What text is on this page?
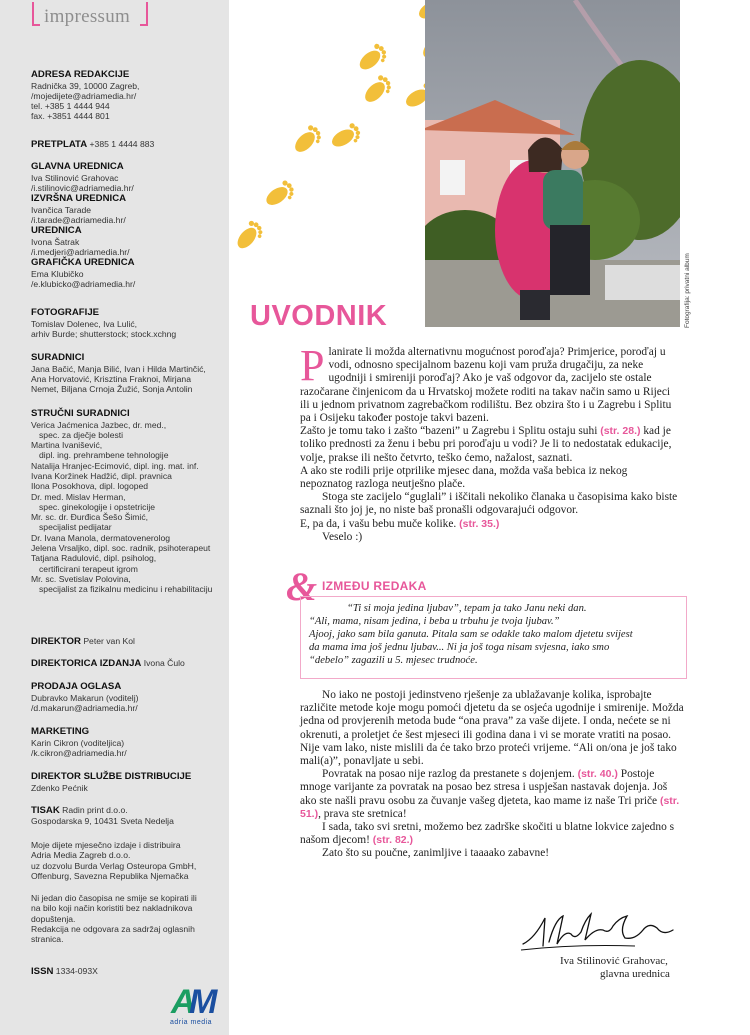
impressum
ADRESA REDAKCIJE
Radnička 39, 10000 Zagreb,
/mojedijete@adriamedia.hr/
tel. +385 1 4444 944
fax. +3851 4444 801
PRETPLATA +385 1 4444 883
GLAVNA UREDNICA
Iva Stilinović Grahovac
/i.stilinovic@adriamedia.hr/
IZVRŠNA UREDNICA
Ivančica Tarade
/i.tarade@adriamedia.hr/
UREDNICA
Ivona Šatrak
/i.medjeri@adriamedia.hr/
GRAFIČKA UREDNICA
Ema Klubičko
/e.klubicko@adriamedia.hr/
FOTOGRAFIJE
Tomislav Dolenec, Iva Lulić,
arhiv Burde; shutterstock; stock.xchng
SURADNICI
Jana Bačić, Manja Bilić, Ivan i Hilda Martinčić,
Ana Horvatović, Krisztina Fraknoi, Mirjana
Nemet, Biljana Crnoja Žužić, Sonja Antolin
STRUČNI SURADNICI
Verica Jaćmenica Jazbec, dr. med.,
spec. za dječje bolesti
Martina Ivanišević,
dipl. ing. prehrambene tehnologije
Natalija Hranjec-Ecimović, dipl. ing. mat. inf.
Ivana Koržinek Hadžić, dipl. pravnica
Ilona Posokhova, dipl. logoped
Dr. med. Mislav Herman,
spec. ginekologije i opstetricije
Mr. sc. dr. Đurđica Šešo Šimić,
specijalist pedijatar
Dr. Ivana Manola, dermatovenerolog
Jelena Vrsaljko, dipl. soc. radnik, psihoterapeut
Tatjana Radulović, dipl. psiholog,
certificirani terapeut igrom
Mr. sc. Svetislav Polovina,
specijalist za fizikalnu medicinu i rehabilitaciju
DIREKTOR Peter van Kol
DIREKTORICA IZDANJA Ivona Čulo
PRODAJA OGLASA
Dubravko Makarun (voditelj)
/d.makarun@adriamedia.hr/
MARKETING
Karin Cikron (voditeljica)
/k.cikron@adriamedia.hr/
DIREKTOR SLUŽBE DISTRIBUCIJE
Zdenko Pećnik
TISAK Radin print d.o.o.
Gospodarska 9, 10431 Sveta Nedelja
Moje dijete mjesečno izdaje i distribuira
Adria Media Zagreb d.o.o.
uz dozvolu Burda Verlag Osteuropa GmbH,
Offenburg, Savezna Republika Njemačka
Ni jedan dio časopisa ne smije se kopirati ili
na bilo koji način koristiti bez nakladnikova
dopuštenja.
Redakcija ne odgovara za sadržaj oglasnih
stranica.
ISSN 1334-093X
A
M
adria media
Fotografija: privatni album
UVODNIK

Planirate li možda alternativnu mogućnost poroďaja? Primjerice, poroďaj u vodi, odnosno specijalnom bazenu koji vam pruža drugačiju, za neke ugodniji i smireniji poroďaj? Ako je vaš odgovor da, zacijelo ste ostale razočarane činjenicom da u Hrvatskoj možete roditi na takav način samo u Rijeci ili u jednom privatnom zagrebačkom rodilištu. Bez obzira što i u Zagrebu i Splitu pa i Osijeku također postoje takvi bazeni.

Zašto je tomu tako i zašto “bazeni” u Zagrebu i Splitu ostaju suhi (str. 28.) kad je toliko prednosti za ženu i bebu pri poroďaju u vodi? Je li to nedostatak edukacije, volje, prakse ili nešto četvrto, teško ćemo, nažalost, saznati.

A ako ste rodili prije otprilike mjesec dana, možda vaša bebica iz nekog nepoznatog razloga neutješno plače.

Stoga ste zacijelo “guglali” i iščitali nekoliko članaka u časopisima kako biste saznali što joj je, no niste baš pronašli odgovarajući odgovor.

E, pa da, i vašu bebu muče kolike. (str. 35.)

Veselo :)

& IZMEĐU REDAKA
“Ti si moja jedina ljubav”, tepam ja tako Janu neki dan.
“Ali, mama, nisam jedina, i beba u trbuhu je tvoja ljubav.”
Ajooj, jako sam bila ganuta. Pitala sam se odakle tako malom djetetu svijest
da mama ima još jednu ljubav... Ni ja još toga nisam svjesna, iako smo
“debelo” zagazili u 5. mjesec trudnoće.

No iako ne postoji jedinstveno rješenje za ublažavanje kolika, isprobajte različite metode koje mogu pomoći djetetu da se osjeća ugodnije i smirenije. Možda jedna od provjerenih metoda bude “ona prava” za vaše dijete. I onda, nećete se ni okrenuti, a proletjet će šest mjeseci ili godina dana i vi se morate vratiti na posao. Nije vam lako, niste mislili da će tako brzo proteći vrijeme. “Ali on/ona je još tako mali(a)”, ponavljate u sebi.

Povratak na posao nije razlog da prestanete s dojenjem. (str. 40.) Postoje mnoge varijante za povratak na posao bez stresa i uspješan nastavak dojenja. Još ako ste našli pravu osobu za čuvanje vašeg djeteta, kao mame iz naše Tri priče (str. 51.), prava ste sretnica!

I sada, tako svi sretni, možemo bez zadrške skočiti u blatne lokvice zajedno s našom djecom! (str. 82.)

Zato što su poučne, zanimljive i taaaako zabavne!

Iva Stilinović Grahovac,
glavna urednica
